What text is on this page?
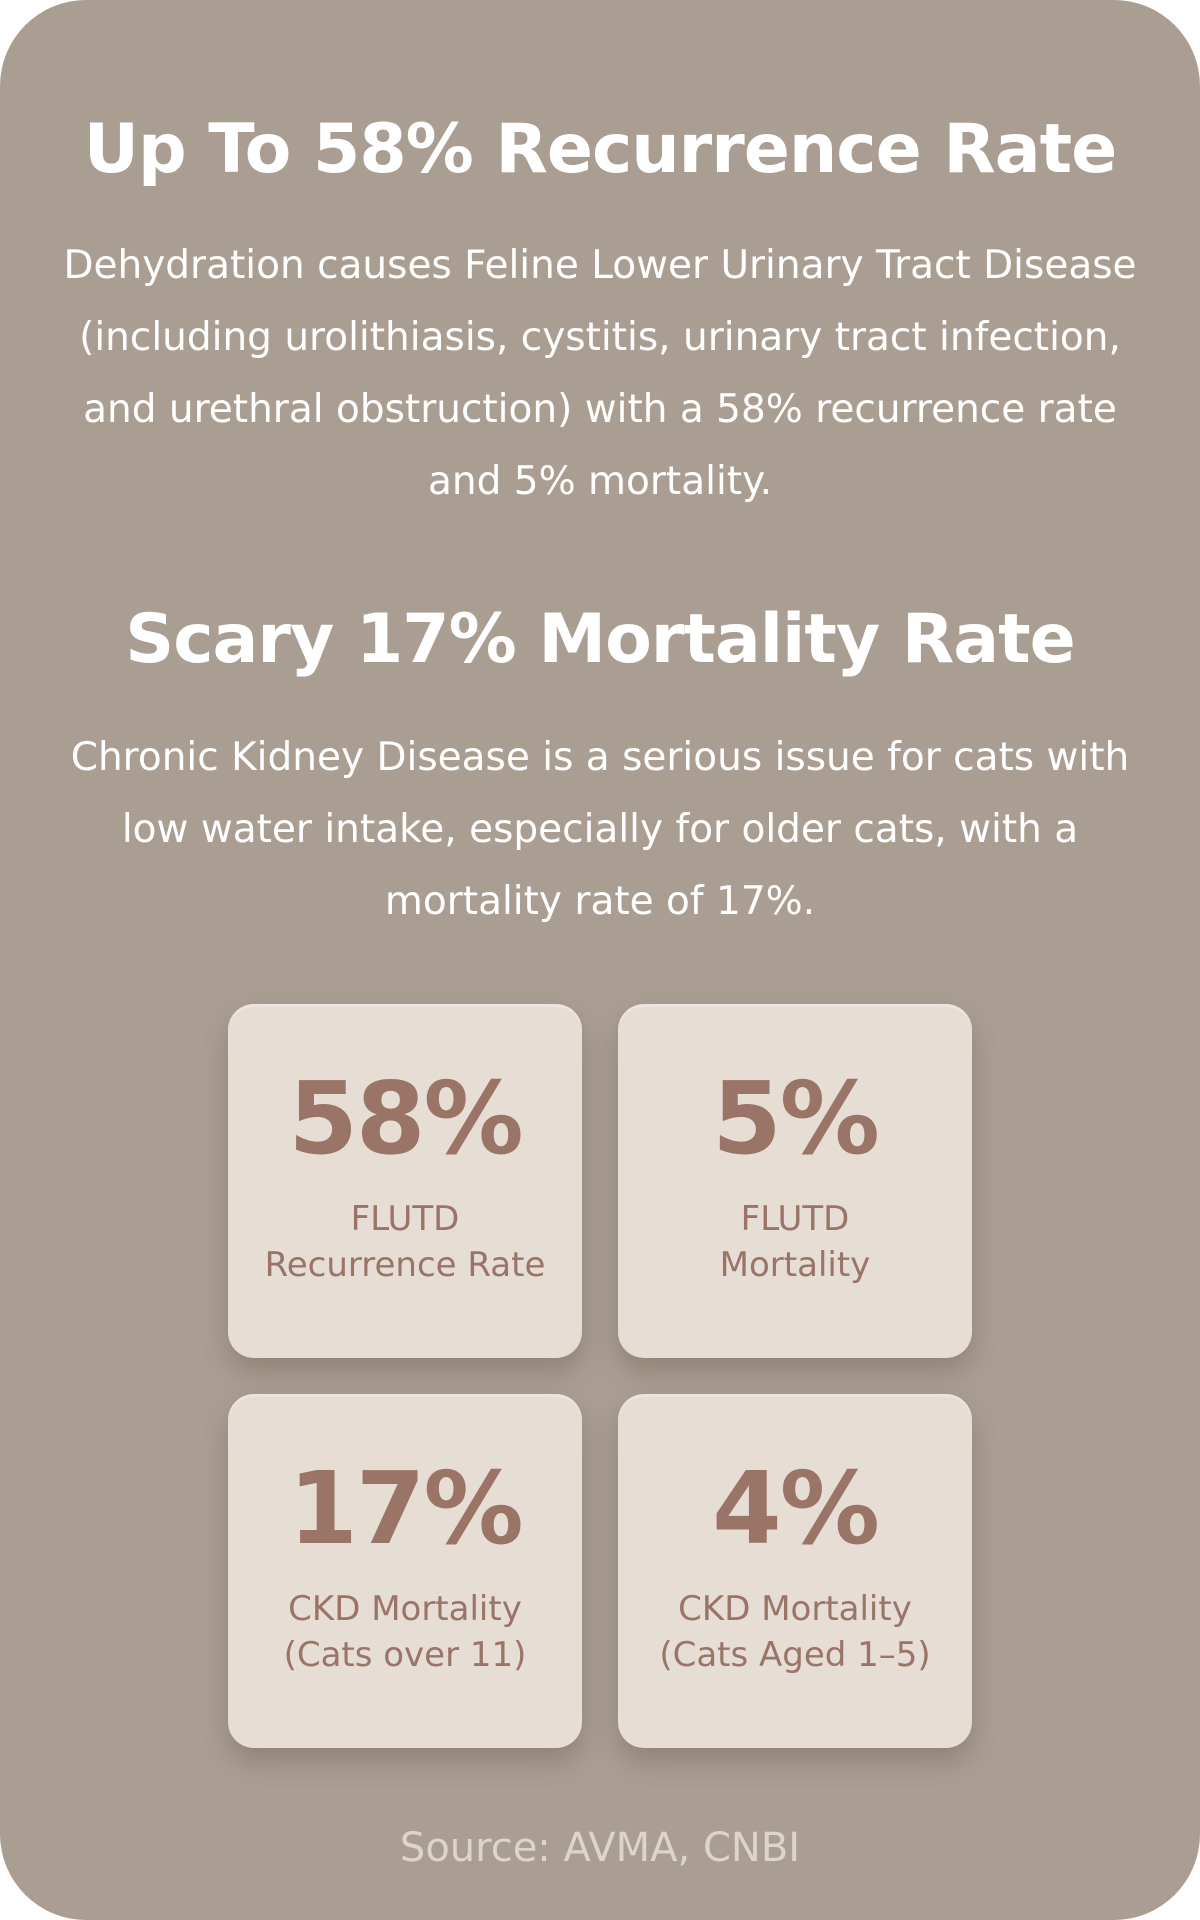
Up To 58% Recurrence Rate

Dehydration causes Feline Lower Urinary Tract Disease (including urolithiasis, cystitis, urinary tract infection, and urethral obstruction) with a 58% recurrence rate and 5% mortality.

Scary 17% Mortality Rate

Chronic Kidney Disease is a serious issue for cats with low water intake, especially for older cats, with a mortality rate of 17%.

58%
FLUTD
Recurrence Rate
5%
FLUTD
Mortality
17%
CKD Mortality
(Cats over 11)
4%
CKD Mortality
(Cats Aged 1–5)
Source: AVMA, CNBI
